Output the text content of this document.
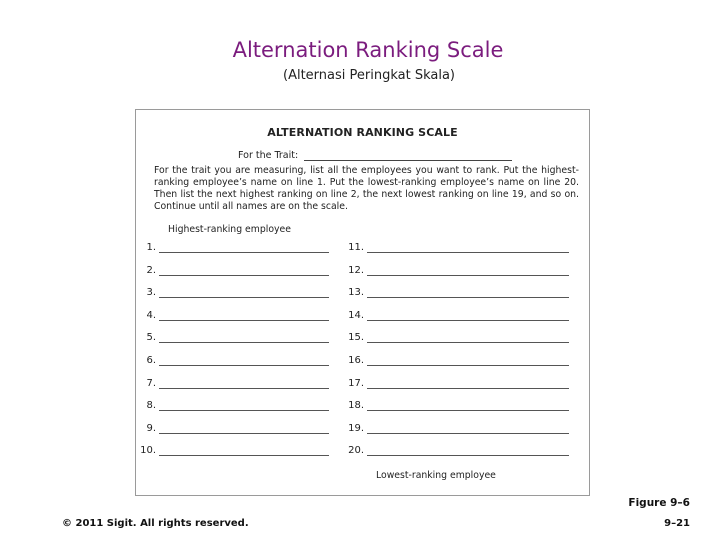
Alternation Ranking Scale
(Alternasi Peringkat Skala)
ALTERNATION RANKING SCALE
For the Trait:
For the trait you are measuring, list all the employees you want to rank. Put the highest-ranking employee’s name on line 1. Put the lowest-ranking employee’s name on line 20. Then list the next highest ranking on line 2, the next lowest ranking on line 19, and so on. Continue until all names are on the scale.
Highest-ranking employee
1.
2.
3.
4.
5.
6.
7.
8.
9.
10.
11.
12.
13.
14.
15.
16.
17.
18.
19.
20.
Lowest-ranking employee
Figure 9–6
© 2011 Sigit. All rights reserved.	9–21
